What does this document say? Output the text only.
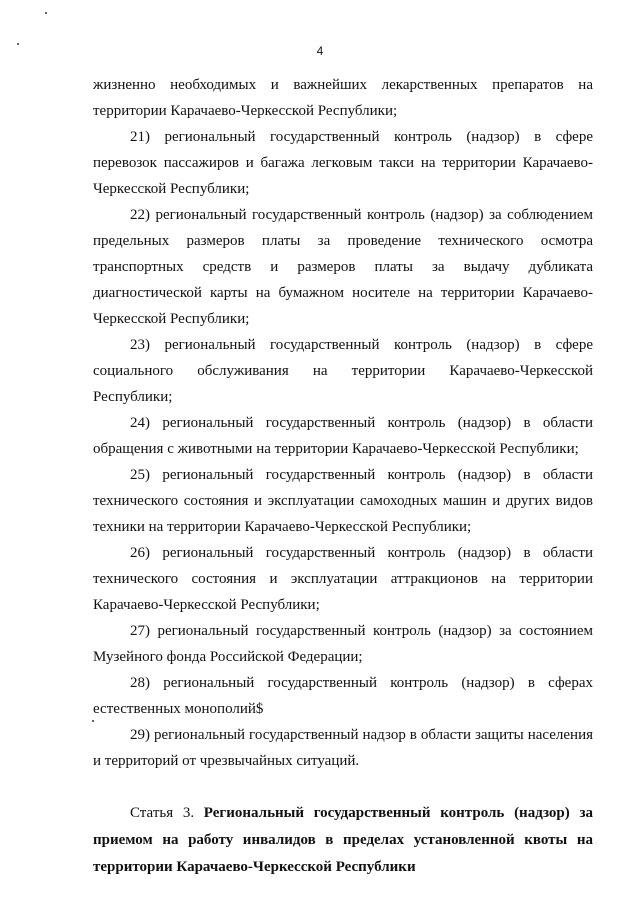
4

жизненно необходимых и важнейших лекарственных препаратов на территории Карачаево-Черкесской Республики;

21) региональный государственный контроль (надзор) в сфере перевозок пассажиров и багажа легковым такси на территории Карачаево-Черкесской Республики;

22) региональный государственный контроль (надзор) за соблюдением предельных размеров платы за проведение технического осмотра транспортных средств и размеров платы за выдачу дубликата диагностической карты на бумажном носителе на территории Карачаево-Черкесской Республики;

23) региональный государственный контроль (надзор) в сфере социального обслуживания на территории Карачаево-Черкесской Республики;

24) региональный государственный контроль (надзор) в области обращения с животными на территории Карачаево-Черкесской Республики;

25) региональный государственный контроль (надзор) в области технического состояния и эксплуатации самоходных машин и других видов техники на территории Карачаево-Черкесской Республики;

26) региональный государственный контроль (надзор) в области технического состояния и эксплуатации аттракционов на территории Карачаево-Черкесской Республики;

27) региональный государственный контроль (надзор) за состоянием Музейного фонда Российской Федерации;

28) региональный государственный контроль (надзор) в сферах естественных монополий$

29) региональный государственный надзор в области защиты населения и территорий от чрезвычайных ситуаций.

Статья 3. Региональный государственный контроль (надзор) за приемом на работу инвалидов в пределах установленной квоты на территории Карачаево-Черкесской Республики
